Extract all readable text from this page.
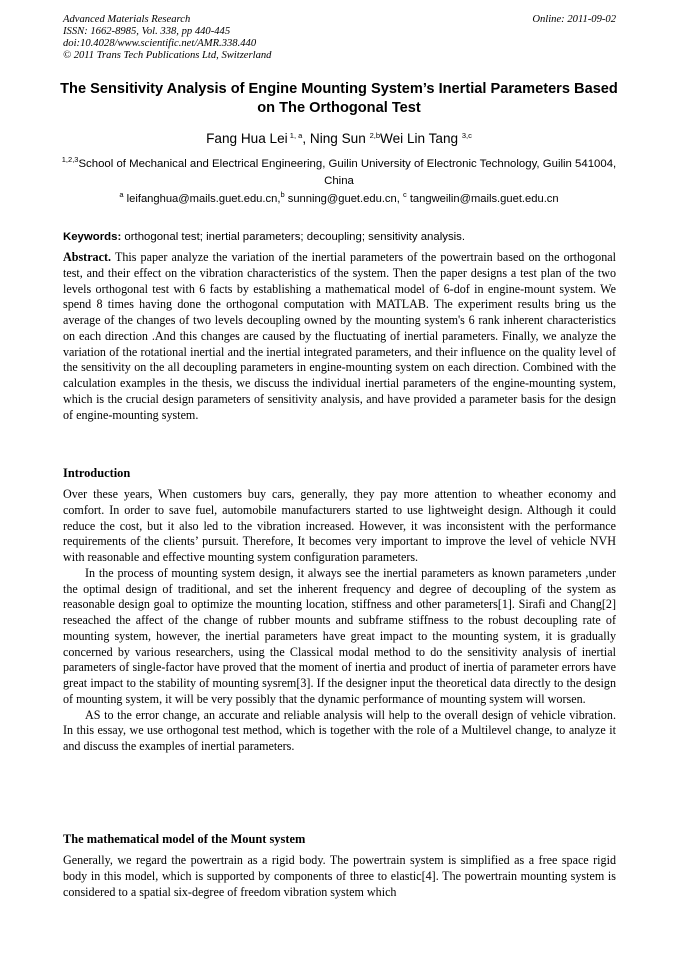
Advanced Materials Research
ISSN: 1662-8985, Vol. 338, pp 440-445
doi:10.4028/www.scientific.net/AMR.338.440
© 2011 Trans Tech Publications Ltd, Switzerland
Online: 2011-09-02
The Sensitivity Analysis of Engine Mounting System’s Inertial Parameters Based on The Orthogonal Test
Fang Hua Lei $^{1, a}$, Ning Sun $^{2,b}$Wei Lin Tang $^{3,c}$
$^{1,2,3}$School of Mechanical and Electrical Engineering, Guilin University of Electronic Technology, Guilin 541004, China
$^a$ leifanghua@mails.guet.edu.cn,$^b$ sunning@guet.edu.cn, $^c$ tangweilin@mails.guet.edu.cn
Keywords: orthogonal test; inertial parameters; decoupling; sensitivity analysis.
Abstract. This paper analyze the variation of the inertial parameters of the powertrain based on the orthogonal test, and their effect on the vibration characteristics of the system. Then the paper designs a test plan of the two levels orthogonal test with 6 facts by establishing a mathematical model of 6-dof in engine-mount system. We spend 8 times having done the orthogonal computation with MATLAB. The experiment results bring us the average of the changes of two levels decoupling owned by the mounting system's 6 rank inherent characteristics on each direction .And this changes are caused by the fluctuating of inertial parameters. Finally, we analyze the variation of the rotational inertial and the inertial integrated parameters, and their influence on the quality level of the sensitivity on the all decoupling parameters in engine-mounting system on each direction. Combined with the calculation examples in the thesis, we discuss the individual inertial parameters of the engine-mounting system, which is the crucial design parameters of sensitivity analysis, and have provided a parameter basis for the design of engine-mounting system.
Introduction

Over these years, When customers buy cars, generally, they pay more attention to wheather economy and comfort. In order to save fuel, automobile manufacturers started to use lightweight design. Although it could reduce the cost, but it also led to the vibration increased. However, it was inconsistent with the performance requirements of the clients’ pursuit. Therefore, It becomes very important to improve the level of vehicle NVH with reasonable and effective mounting system configuration parameters.

In the process of mounting system design, it always see the inertial parameters as known parameters ,under the optimal design of traditional, and set the inherent frequency and degree of decoupling of the system as reasonable design goal to optimize the mounting location, stiffness and other parameters[1]. Sirafi and Chang[2] reseached the affect of the change of rubber mounts and subframe stiffness to the robust decoupling rate of mounting system, however, the inertial parameters have great impact to the mounting system, it is gradually concerned by various researchers, using the Classical modal method to do the sensitivity analysis of inertial parameters of single-factor have proved that the moment of inertia and product of inertia of parameter errors have great impact to the stability of mounting sysrem[3]. If the designer input the theoretical data directly to the design of mounting system, it will be very possibly that the dynamic performance of mounting system will worsen.

AS to the error change, an accurate and reliable analysis will help to the overall design of vehicle vibration. In this essay, we use orthogonal test method, which is together with the role of a Multilevel change, to analyze it and discuss the examples of inertial parameters.

The mathematical model of the Mount system

Generally, we regard the powertrain as a rigid body. The powertrain system is simplified as a free space rigid body in this model, which is supported by components of three to elastic[4]. The powertrain mounting system is considered to a spatial six-degree of freedom vibration system which
